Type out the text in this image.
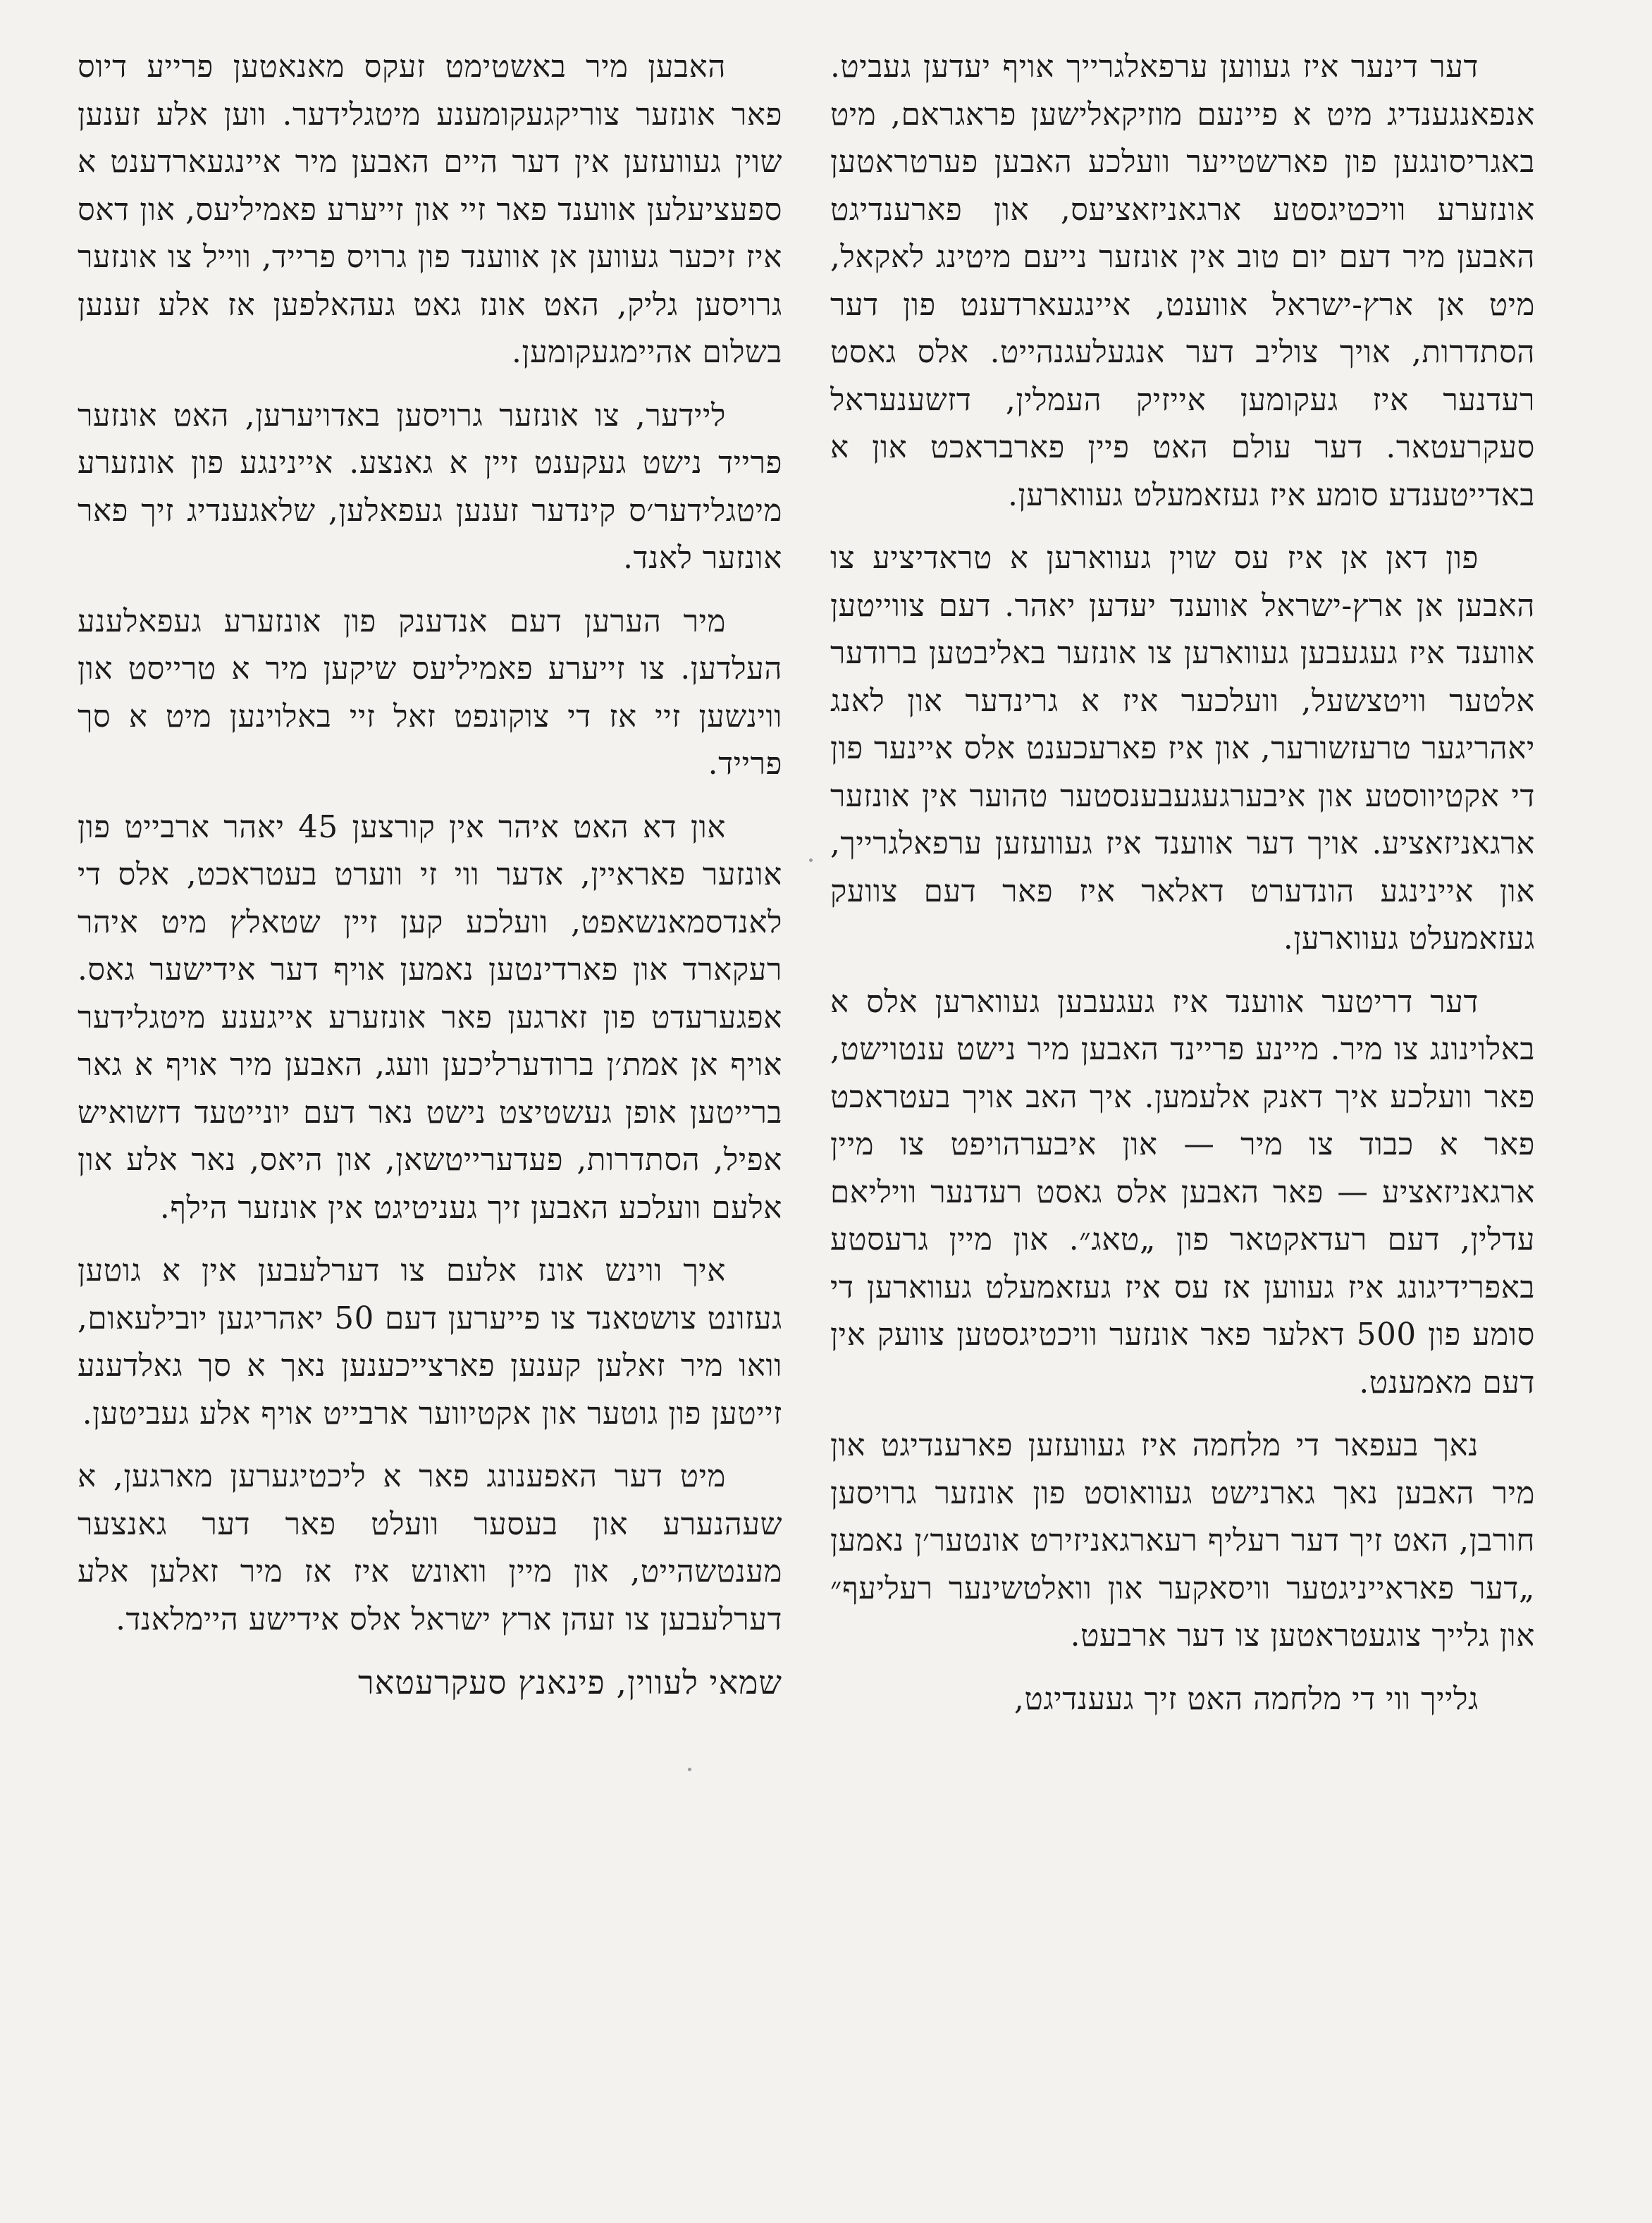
דער דינער איז געווען ערפאלגרייך אויף יעדען געביט. אנפאנגענדיג מיט א פיינעם מוזיקאלישען פראגראם, מיט באגריסונגען פון פארשטייער וועלכע האבען פערטראטען אונזערע וויכטיגסטע ארגאניזאציעס, און פארענדיגט האבען מיר דעם יום טוב אין אונזער נייעם מיטינג לאקאל, מיט אן ארץ-ישראל אווענט, איינגעארדענט פון דער הסתדרות, אויך צוליב דער אנגעלעגנהייט. אלס גאסט רעדנער איז געקומען אייזיק העמלין, דזשענעראל סעקרעטאר. דער עולם האט פיין פארבראכט און א באדייטענדע סומע איז געזאמעלט געווארען.

פון דאן אן איז עס שוין געווארען א טראדיציע צו האבען אן ארץ-ישראל אווענד יעדען יאהר. דעם צווייטען אווענד איז געגעבען געווארען צו אונזער באליבטען ברודער אלטער וויטצשעל, וועלכער איז א גרינדער און לאנג יאהריגער טרעזשורער, און איז פארעכענט אלס איינער פון די אקטיווסטע און איבערגעגעבענסטער טהוער אין אונזער ארגאניזאציע. אויך דער אווענד איז געוועזען ערפאלגרייך, און איינינגע הונדערט דאלאר איז פאר דעם צוועק געזאמעלט געווארען.

דער דריטער אווענד איז געגעבען געווארען אלס א באלוינונג צו מיר. מיינע פריינד האבען מיר נישט ענטוישט, פאר וועלכע איך דאנק אלעמען. איך האב אויך בעטראכט פאר א כבוד צו מיר — און איבערהויפט צו מיין ארגאניזאציע — פאר האבען אלס גאסט רעדנער וויליאם עדלין, דעם רעדאקטאר פון „טאג״. און מיין גרעסטע באפרידיגונג איז געווען אז עס איז געזאמעלט געווארען די סומע פון 500 דאלער פאר אונזער וויכטיגסטען צוועק אין דעם מאמענט.

נאך בעפאר די מלחמה איז געוועזען פארענדיגט און מיר האבען נאך גארנישט געוואוסט פון אונזער גרויסען חורבן, האט זיך דער רעליף רעארגאניזירט אונטער׳ן נאמען „דער פאראייניגטער וויסאקער און וואלטשינער רעליעף״ און גלייך צוגעטראטען צו דער ארבעט.

גלייך ווי די מלחמה האט זיך געענדיגט,

האבען מיר באשטימט זעקס מאנאטען פרייע דיוס פאר אונזער צוריקגעקומענע מיטגלידער. ווען אלע זענען שוין געוועזען אין דער היים האבען מיר איינגעארדענט א ספעציעלען אווענד פאר זיי און זייערע פאמיליעס, און דאס איז זיכער געווען אן אווענד פון גרויס פרייד, ווייל צו אונזער גרויסען גליק, האט אונז גאט געהאלפען אז אלע זענען בשלום אהיימגעקומען.

ליידער, צו אונזער גרויסען באדויערען, האט אונזער פרייד נישט געקענט זיין א גאנצע. איינינגע פון אונזערע מיטגלידער׳ס קינדער זענען געפאלען, שלאגענדיג זיך פאר אונזער לאנד.

מיר הערען דעם אנדענק פון אונזערע געפאלענע העלדען. צו זייערע פאמיליעס שיקען מיר א טרייסט און ווינשען זיי אז די צוקונפט זאל זיי באלוינען מיט א סך פרייד.

און דא האט איהר אין קורצען 45 יאהר ארבייט פון אונזער פאראיין, אדער ווי זי ווערט בעטראכט, אלס די לאנדסמאנשאפט, וועלכע קען זיין שטאלץ מיט איהר רעקארד און פארדינטען נאמען אויף דער אידישער גאס. אפגערעדט פון זארגען פאר אונזערע אייגענע מיטגלידער אויף אן אמת׳ן ברודערליכען וועג, האבען מיר אויף א גאר ברייטען אופן געשטיצט נישט נאר דעם יונייטעד דזשואיש אפיל, הסתדרות, פעדערייטשאן, און היאס, נאר אלע און אלעם וועלכע האבען זיך געניטיגט אין אונזער הילף.

איך ווינש אונז אלעם צו דערלעבען אין א גוטען געזונט צושטאנד צו פייערען דעם 50 יאהריגען יובילעאום, וואו מיר זאלען קענען פארצייכענען נאך א סך גאלדענע זייטען פון גוטער און אקטיווער ארבייט אויף אלע געביטען.

מיט דער האפענונג פאר א ליכטיגערען מארגען, א שעהנערע און בעסער וועלט פאר דער גאנצער מענטשהייט, און מיין וואונש איז אז מיר זאלען אלע דערלעבען צו זעהן ארץ ישראל אלס אידישע היימלאנד.

שמאי לעווין, פינאנץ סעקרעטאר
